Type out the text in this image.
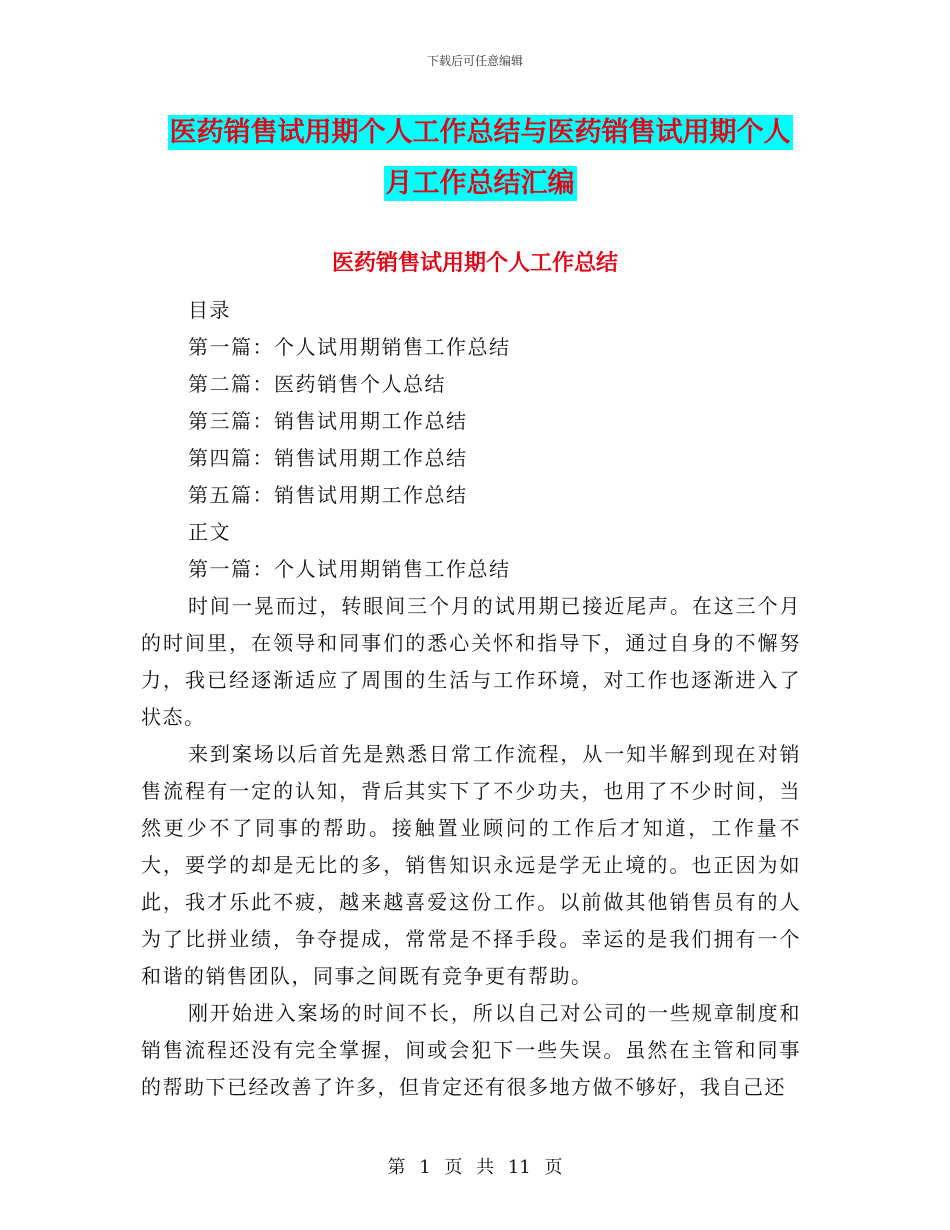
下载后可任意编辑
医药销售试用期个人工作总结与医药销售试用期个人
月工作总结汇编
医药销售试用期个人工作总结
目录
第一篇：个人试用期销售工作总结
第二篇：医药销售个人总结
第三篇：销售试用期工作总结
第四篇：销售试用期工作总结
第五篇：销售试用期工作总结
正文
第一篇：个人试用期销售工作总结

时间一晃而过，转眼间三个月的试用期已接近尾声。在这三个月的时间里，在领导和同事们的悉心关怀和指导下，通过自身的不懈努力，我已经逐渐适应了周围的生活与工作环境，对工作也逐渐进入了状态。

来到案场以后首先是熟悉日常工作流程，从一知半解到现在对销售流程有一定的认知，背后其实下了不少功夫，也用了不少时间，当然更少不了同事的帮助。接触置业顾问的工作后才知道，工作量不大，要学的却是无比的多，销售知识永远是学无止境的。也正因为如此，我才乐此不疲，越来越喜爱这份工作。以前做其他销售员有的人为了比拼业绩，争夺提成，常常是不择手段。幸运的是我们拥有一个和谐的销售团队，同事之间既有竞争更有帮助。

刚开始进入案场的时间不长，所以自己对公司的一些规章制度和销售流程还没有完全掌握，间或会犯下一些失误。虽然在主管和同事的帮助下已经改善了许多，但肯定还有很多地方做不够好，我自己还

第 1 页 共 11 页
